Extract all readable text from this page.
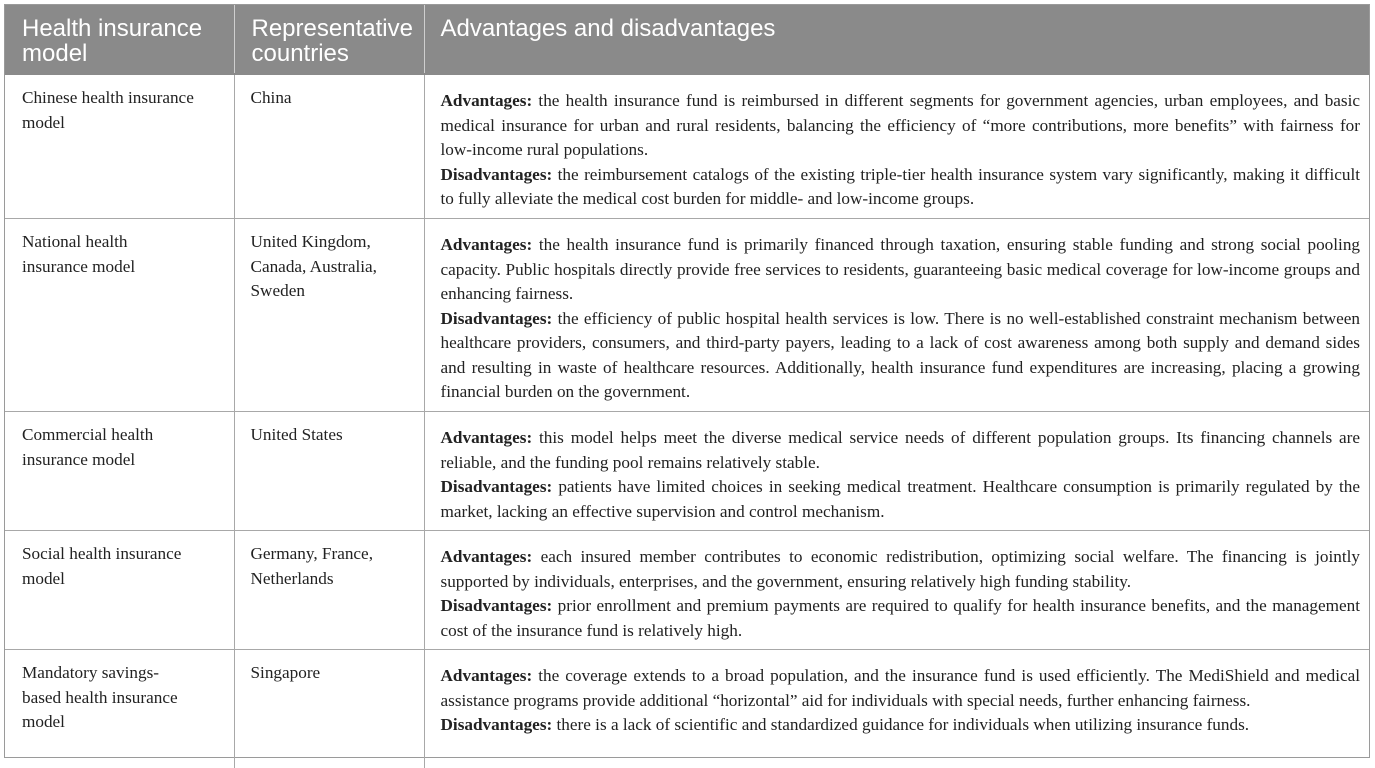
Health insurance model	Representative countries	Advantages and disadvantages
Chinese health insurance model	China	Advantages: the health insurance fund is reimbursed in different segments for government agencies, urban employees, and basic medical insurance for urban and rural residents, balancing the efficiency of “more contributions, more benefits” with fairness for low-income rural populations.

Disadvantages: the reimbursement catalogs of the existing triple-tier health insurance system vary significantly, making it difficult to fully alleviate the medical cost burden for middle- and low-income groups.

National health insurance model	United Kingdom, Canada, Australia, Sweden	Advantages: the health insurance fund is primarily financed through taxation, ensuring stable funding and strong social pooling capacity. Public hospitals directly provide free services to residents, guaranteeing basic medical coverage for low-income groups and enhancing fairness.

Disadvantages: the efficiency of public hospital health services is low. There is no well-established constraint mechanism between healthcare providers, consumers, and third-party payers, leading to a lack of cost awareness among both supply and demand sides and resulting in waste of healthcare resources. Additionally, health insurance fund expenditures are increasing, placing a growing financial burden on the government.

Commercial health insurance model	United States	Advantages: this model helps meet the diverse medical service needs of different population groups. Its financing channels are reliable, and the funding pool remains relatively stable.

Disadvantages: patients have limited choices in seeking medical treatment. Healthcare consumption is primarily regulated by the market, lacking an effective supervision and control mechanism.

Social health insurance model	Germany, France, Netherlands	Advantages: each insured member contributes to economic redistribution, optimizing social welfare. The financing is jointly supported by individuals, enterprises, and the government, ensuring relatively high funding stability.

Disadvantages: prior enrollment and premium payments are required to qualify for health insurance benefits, and the management cost of the insurance fund is relatively high.

Mandatory savings-based health insurance model	Singapore	Advantages: the coverage extends to a broad population, and the insurance fund is used efficiently. The MediShield and medical assistance programs provide additional “horizontal” aid for individuals with special needs, further enhancing fairness.

Disadvantages: there is a lack of scientific and standardized guidance for individuals when utilizing insurance funds.
